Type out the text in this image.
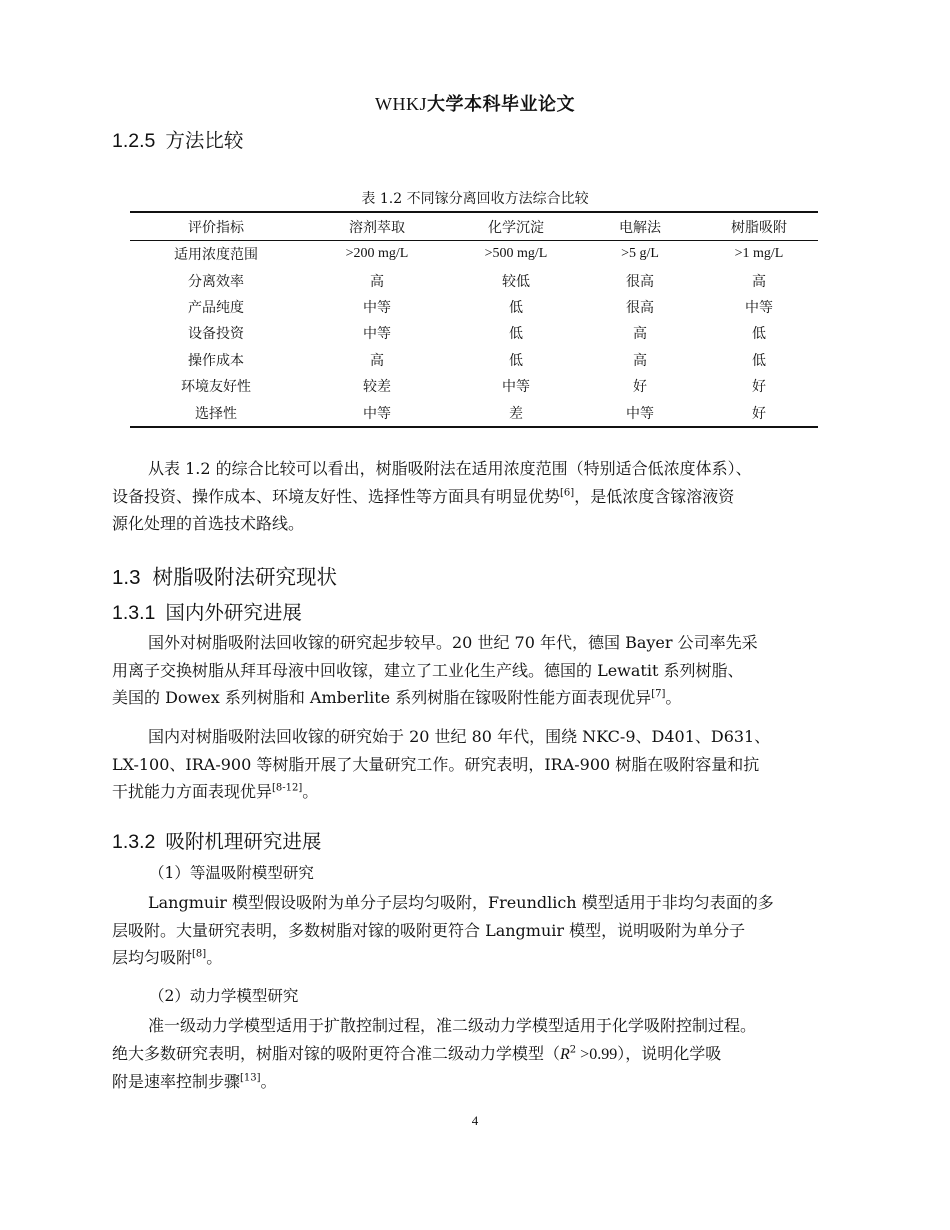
WHKJ大学本科毕业论文
1.2.5 方法比较
表 1.2 不同镓分离回收方法综合比较
评价指标	溶剂萃取	化学沉淀	电解法	树脂吸附
适用浓度范围	>200 mg/L	>500 mg/L	>5 g/L	>1 mg/L
分离效率	高	较低	很高	高
产品纯度	中等	低	很高	中等
设备投资	中等	低	高	低
操作成本	高	低	高	低
环境友好性	较差	中等	好	好
选择性	中等	差	中等	好
从表 1.2 的综合比较可以看出，树脂吸附法在适用浓度范围（特别适合低浓度体系）、
设备投资、操作成本、环境友好性、选择性等方面具有明显优势[6]，是低浓度含镓溶液资
源化处理的首选技术路线。
1.3 树脂吸附法研究现状
1.3.1 国内外研究进展
国外对树脂吸附法回收镓的研究起步较早。20 世纪 70 年代，德国 Bayer 公司率先采
用离子交换树脂从拜耳母液中回收镓，建立了工业化生产线。德国的 Lewatit 系列树脂、
美国的 Dowex 系列树脂和 Amberlite 系列树脂在镓吸附性能方面表现优异[7]。
国内对树脂吸附法回收镓的研究始于 20 世纪 80 年代，围绕 NKC-9、D401、D631、
LX-100、IRA-900 等树脂开展了大量研究工作。研究表明，IRA-900 树脂在吸附容量和抗
干扰能力方面表现优异[8-12]。
1.3.2 吸附机理研究进展
（1）等温吸附模型研究
Langmuir 模型假设吸附为单分子层均匀吸附，Freundlich 模型适用于非均匀表面的多
层吸附。大量研究表明，多数树脂对镓的吸附更符合 Langmuir 模型，说明吸附为单分子
层均匀吸附[8]。
（2）动力学模型研究
准一级动力学模型适用于扩散控制过程，准二级动力学模型适用于化学吸附控制过程。
绝大多数研究表明，树脂对镓的吸附更符合准二级动力学模型$(R^2 >0.99)$，说明化学吸
附是速率控制步骤[13]。
4
